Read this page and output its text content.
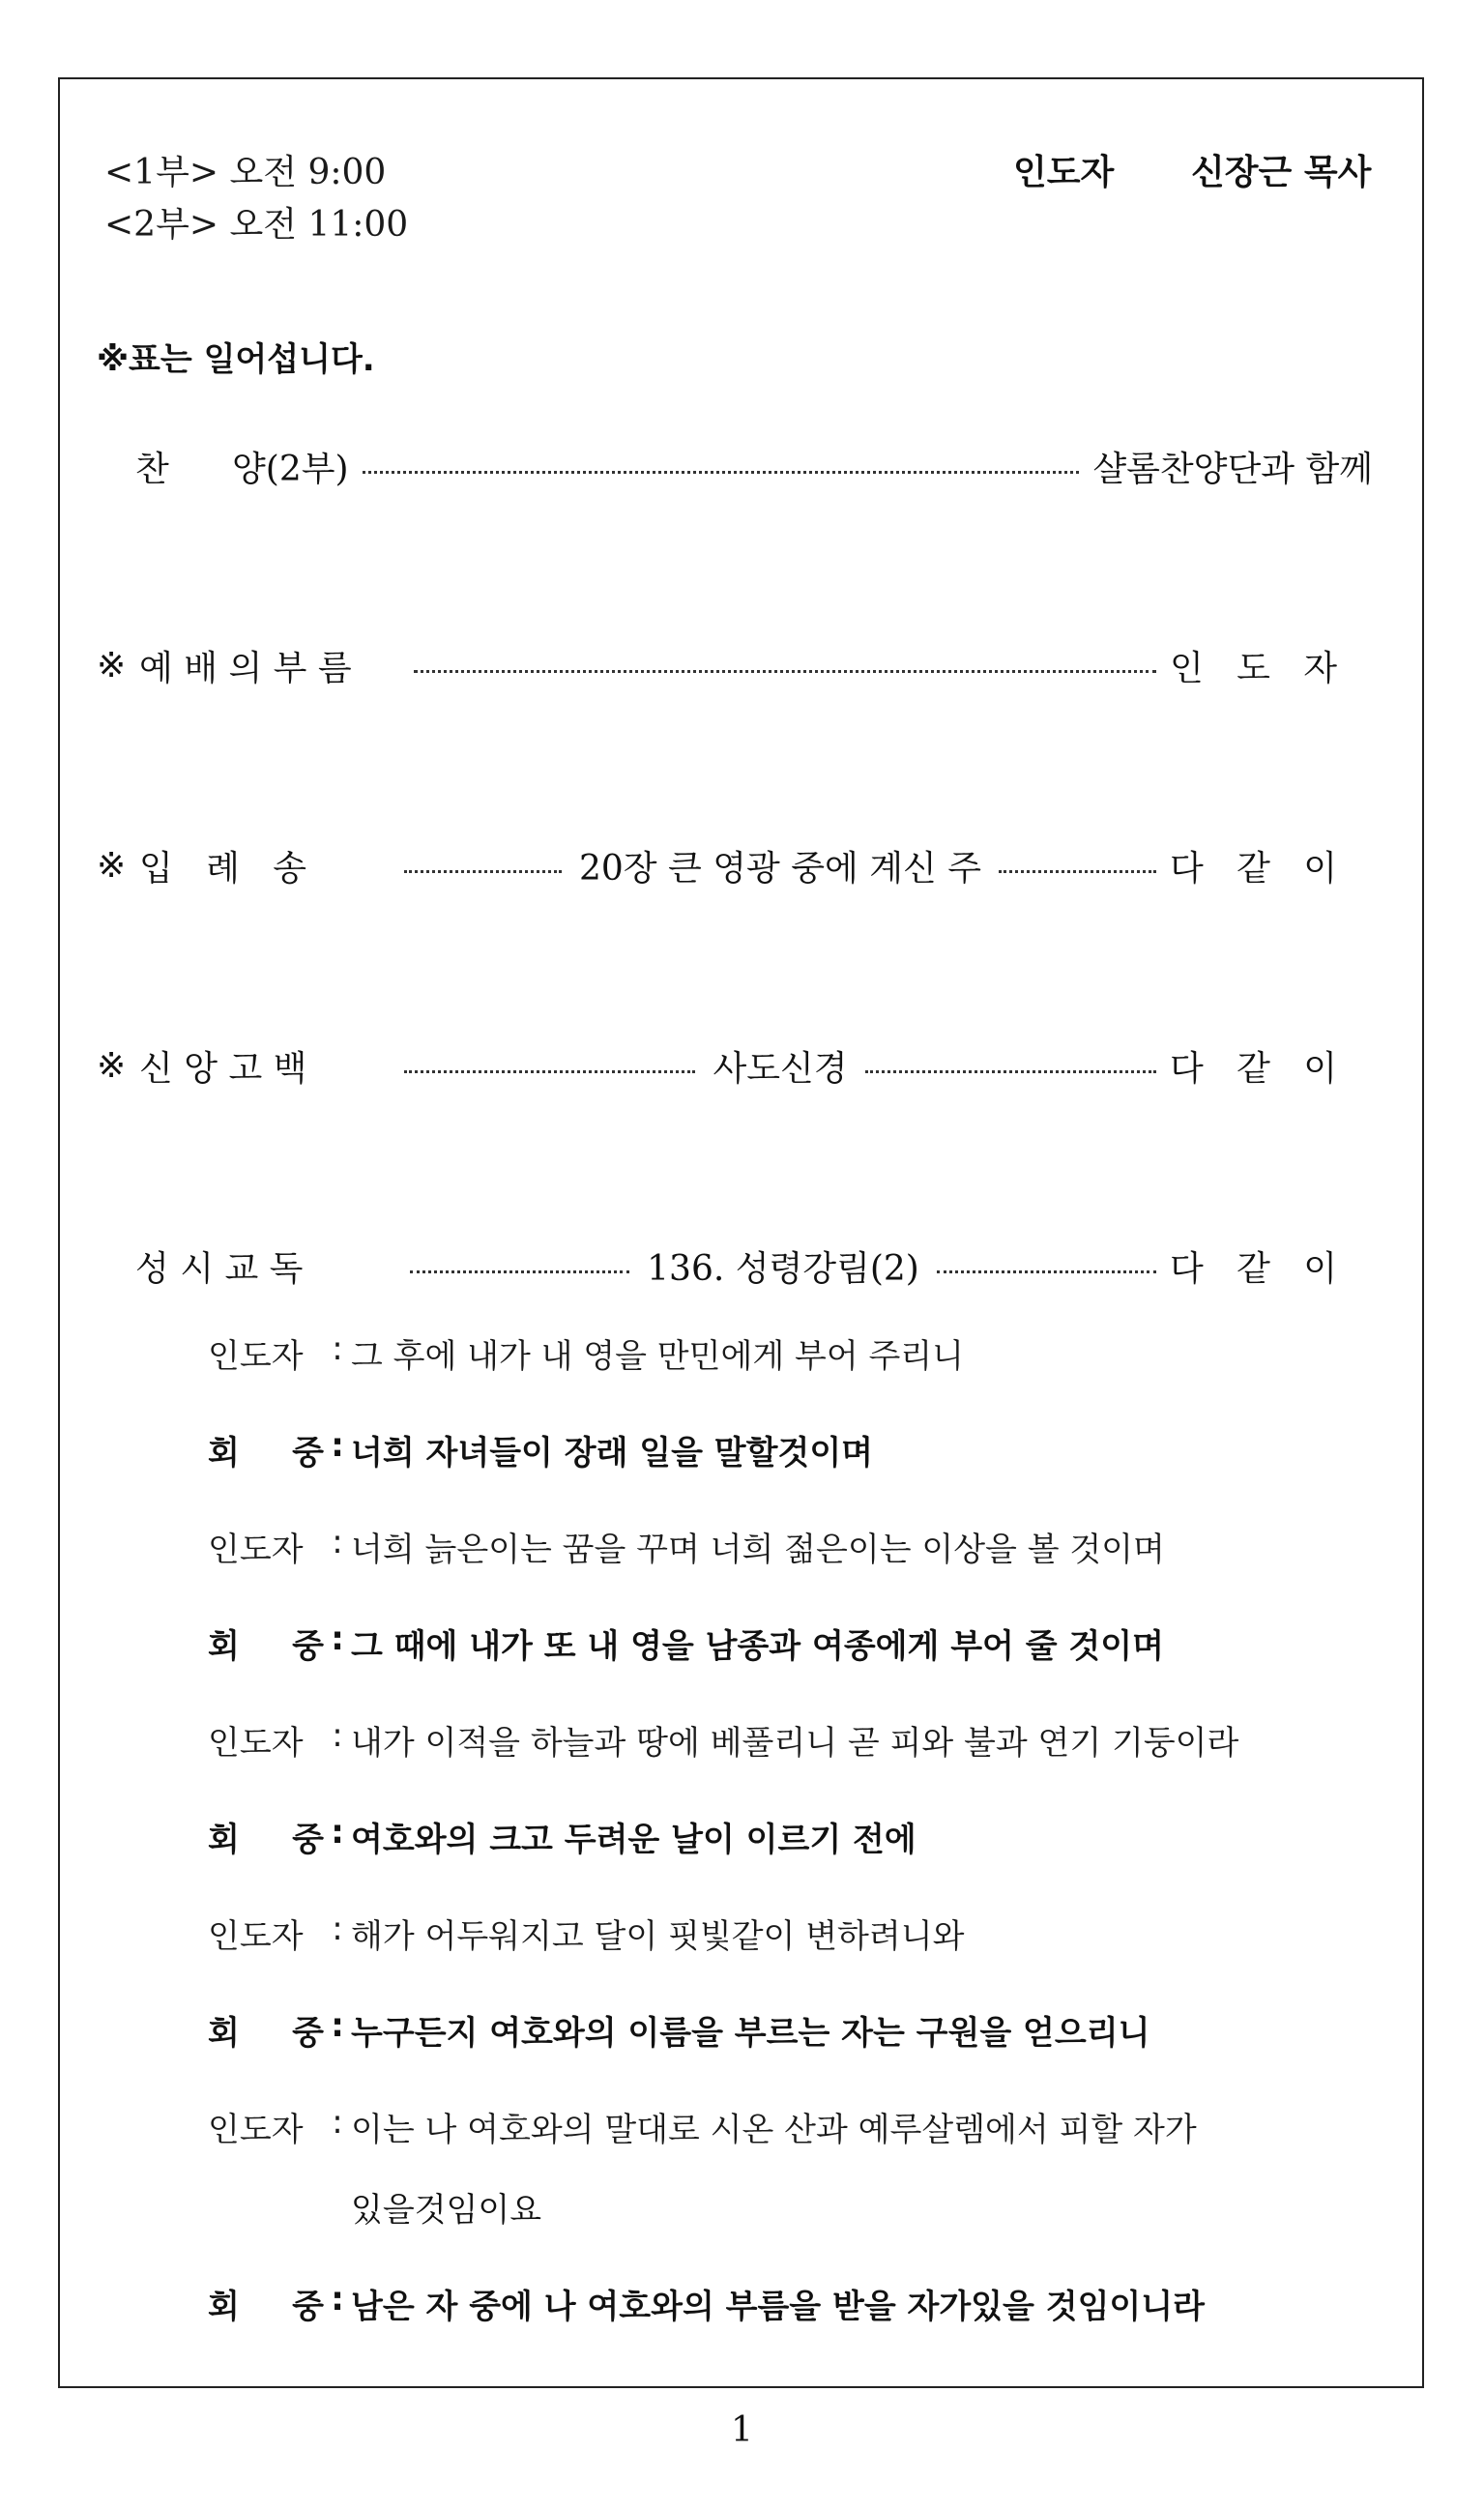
<1부> 오전 9:00
<2부> 오전 11:00
인도자 신장근 목사
※표는 일어섭니다.
찬 양(2부)	샬롬찬양단과 함께
※ 예 배 의 부 름	인   도   자
※ 입   례   송	20장 큰 영광 중에 계신 주	다   같   이
※ 신 앙 고 백	사도신경	다   같   이
성 시 교 독	136. 성령강림(2)	다   같   이
인도자 : 그 후에 내가 내 영을 만민에게 부어 주리니
회 중 : 너희 자녀들이 장래 일을 말할것이며
인도자 : 너희 늙은이는 꿈을 꾸며 너희 젊은이는 이상을 볼 것이며
회 중 : 그 때에 내가 또 내 영을 남종과 여종에게 부어 줄 것이며
인도자 : 내가 이적을 하늘과 땅에 베풀리니 곧 피와 불과 연기 기둥이라
회 중 : 여호와의 크고 두려운 날이 이르기 전에
인도자 : 해가 어두워지고 달이 핏빛같이 변하려니와
회 중 : 누구든지 여호와의 이름을 부르는 자는 구원을 얻으리니
인도자 : 이는 나 여호와의 말대로 시온 산과 예루살렘에서 피할 자가
있을것임이요
회 중 : 남은 자 중에 나 여호와의 부름을 받을 자가있을 것임이니라
1
